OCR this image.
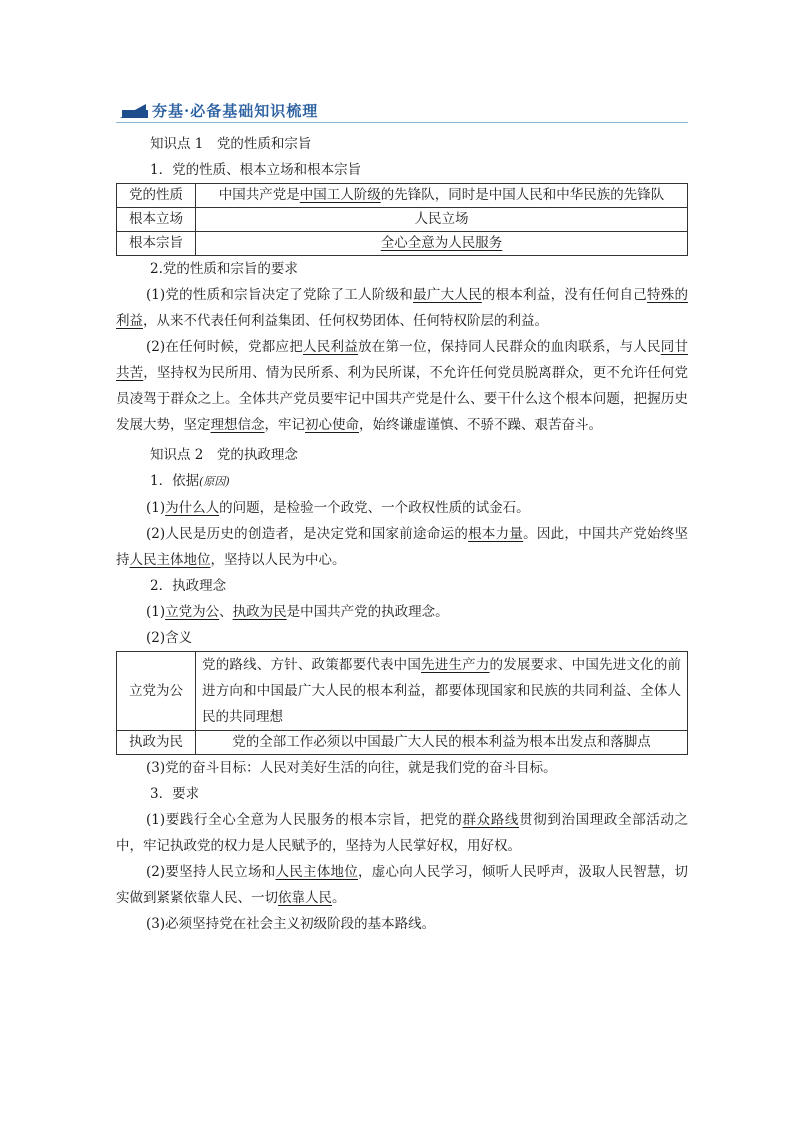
夯基·必备基础知识梳理

知识点 1　党的性质和宗旨

1．党的性质、根本立场和根本宗旨

党的性质	中国共产党是中国工人阶级的先锋队，同时是中国人民和中华民族的先锋队
根本立场	人民立场
根本宗旨	全心全意为人民服务

2.党的性质和宗旨的要求

(1)党的性质和宗旨决定了党除了工人阶级和最广大人民的根本利益，没有任何自己特殊的利益，从来不代表任何利益集团、任何权势团体、任何特权阶层的利益。

(2)在任何时候，党都应把人民利益放在第一位，保持同人民群众的血肉联系，与人民同甘共苦，坚持权为民所用、情为民所系、利为民所谋，不允许任何党员脱离群众，更不允许任何党员凌驾于群众之上。全体共产党员要牢记中国共产党是什么、要干什么这个根本问题，把握历史发展大势，坚定理想信念，牢记初心使命，始终谦虚谨慎、不骄不躁、艰苦奋斗。

知识点 2　党的执政理念

1．依据(原因)

(1)为什么人的问题，是检验一个政党、一个政权性质的试金石。

(2)人民是历史的创造者，是决定党和国家前途命运的根本力量。因此，中国共产党始终坚持人民主体地位，坚持以人民为中心。

2．执政理念

(1)立党为公、执政为民是中国共产党的执政理念。

(2)含义

立党为公	党的路线、方针、政策都要代表中国先进生产力的发展要求、中国先进文化的前进方向和中国最广大人民的根本利益，都要体现国家和民族的共同利益、全体人民的共同理想
执政为民	党的全部工作必须以中国最广大人民的根本利益为根本出发点和落脚点

(3)党的奋斗目标：人民对美好生活的向往，就是我们党的奋斗目标。

3．要求

(1)要践行全心全意为人民服务的根本宗旨，把党的群众路线贯彻到治国理政全部活动之中，牢记执政党的权力是人民赋予的，坚持为人民掌好权，用好权。

(2)要坚持人民立场和人民主体地位，虚心向人民学习，倾听人民呼声，汲取人民智慧，切实做到紧紧依靠人民、一切依靠人民。

(3)必须坚持党在社会主义初级阶段的基本路线。
